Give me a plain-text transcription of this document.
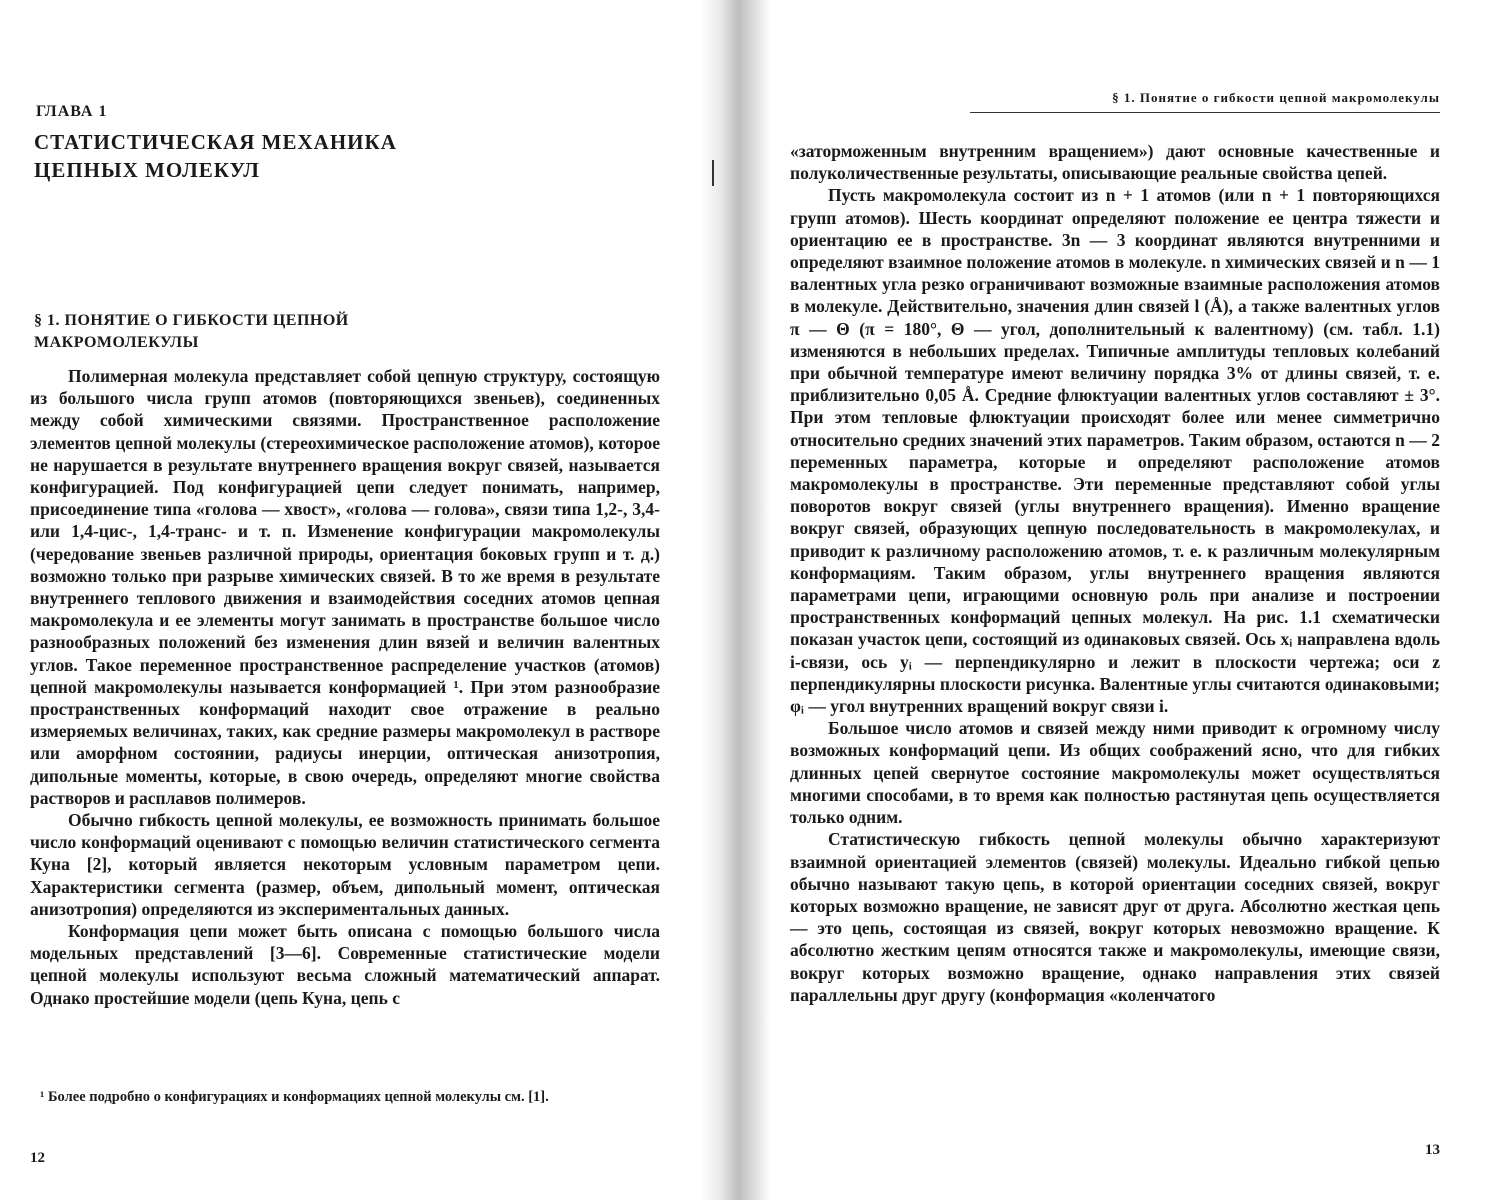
ГЛАВА 1
СТАТИСТИЧЕСКАЯ МЕХАНИКА ЦЕПНЫХ МОЛЕКУЛ
§ 1. ПОНЯТИЕ О ГИБКОСТИ ЦЕПНОЙ МАКРОМОЛЕКУЛЫ

Полимерная молекула представляет собой цепную структуру, состоящую из большого числа групп атомов (повторяющихся звеньев), соединенных между собой химическими связями. Пространственное расположение элементов цепной молекулы (стереохимическое расположение атомов), которое не нарушается в результате внутреннего вращения вокруг связей, называется конфигурацией. Под конфигурацией цепи следует понимать, например, присоединение типа «голова — хвост», «голова — голова», связи типа 1,2-, 3,4- или 1,4-цис-, 1,4-транс- и т. п. Изменение конфигурации макромолекулы (чередование звеньев различной природы, ориентация боковых групп и т. д.) возможно только при разрыве химических связей. В то же время в результате внутреннего теплового движения и взаимодействия соседних атомов цепная макромолекула и ее элементы могут занимать в пространстве большое число разнообразных положений без изменения длин вязей и величин валентных углов. Такое переменное пространственное распределение участков (атомов) цепной макромолекулы называется конформацией ¹. При этом разнообразие пространственных конформаций находит свое отражение в реально измеряемых величинах, таких, как средние размеры макромолекул в растворе или аморфном состоянии, радиусы инерции, оптическая анизотропия, дипольные моменты, которые, в свою очередь, определяют многие свойства растворов и расплавов полимеров.

Обычно гибкость цепной молекулы, ее возможность принимать большое число конформаций оценивают с помощью величин статистического сегмента Куна [2], который является некоторым условным параметром цепи. Характеристики сегмента (размер, объем, дипольный момент, оптическая анизотропия) определяются из экспериментальных данных.

Конформация цепи может быть описана с помощью большого числа модельных представлений [3—6]. Современные статистические модели цепной молекулы используют весьма сложный математический аппарат. Однако простейшие модели (цепь Куна, цепь с

¹ Более подробно о конфигурациях и конформациях цепной молекулы см. [1].
12
§ 1. Понятие о гибкости цепной макромолекулы

«заторможенным внутренним вращением») дают основные качественные и полуколичественные результаты, описывающие реальные свойства цепей.

Пусть макромолекула состоит из n + 1 атомов (или n + 1 повторяющихся групп атомов). Шесть координат определяют положение ее центра тяжести и ориентацию ее в пространстве. 3n — 3 координат являются внутренними и определяют взаимное положение атомов в молекуле. n химических связей и n — 1 валентных угла резко ограничивают возможные взаимные расположения атомов в молекуле. Действительно, значения длин связей l (Å), а также валентных углов π — Θ (π = 180°, Θ — угол, дополнительный к валентному) (см. табл. 1.1) изменяются в небольших пределах. Типичные амплитуды тепловых колебаний при обычной температуре имеют величину порядка 3% от длины связей, т. е. приблизительно 0,05 Å. Средние флюктуации валентных углов составляют ± 3°. При этом тепловые флюктуации происходят более или менее симметрично относительно средних значений этих параметров. Таким образом, остаются n — 2 переменных параметра, которые и определяют расположение атомов макромолекулы в пространстве. Эти переменные представляют собой углы поворотов вокруг связей (углы внутреннего вращения). Именно вращение вокруг связей, образующих цепную последовательность в макромолекулах, и приводит к различному расположению атомов, т. е. к различным молекулярным конформациям. Таким образом, углы внутреннего вращения являются параметрами цепи, играющими основную роль при анализе и построении пространственных конформаций цепных молекул. На рис. 1.1 схематически показан участок цепи, состоящий из одинаковых связей. Ось xᵢ направлена вдоль i-связи, ось yᵢ — перпендикулярно и лежит в плоскости чертежа; оси z перпендикулярны плоскости рисунка. Валентные углы считаются одинаковыми; φᵢ — угол внутренних вращений вокруг связи i.

Большое число атомов и связей между ними приводит к огромному числу возможных конформаций цепи. Из общих соображений ясно, что для гибких длинных цепей свернутое состояние макромолекулы может осуществляться многими способами, в то время как полностью растянутая цепь осуществляется только одним.

Статистическую гибкость цепной молекулы обычно характеризуют взаимной ориентацией элементов (связей) молекулы. Идеально гибкой цепью обычно называют такую цепь, в которой ориентации соседних связей, вокруг которых возможно вращение, не зависят друг от друга. Абсолютно жесткая цепь — это цепь, состоящая из связей, вокруг которых невозможно вращение. К абсолютно жестким цепям относятся также и макромолекулы, имеющие связи, вокруг которых возможно вращение, однако направления этих связей параллельны друг другу (конформация «коленчатого

13
